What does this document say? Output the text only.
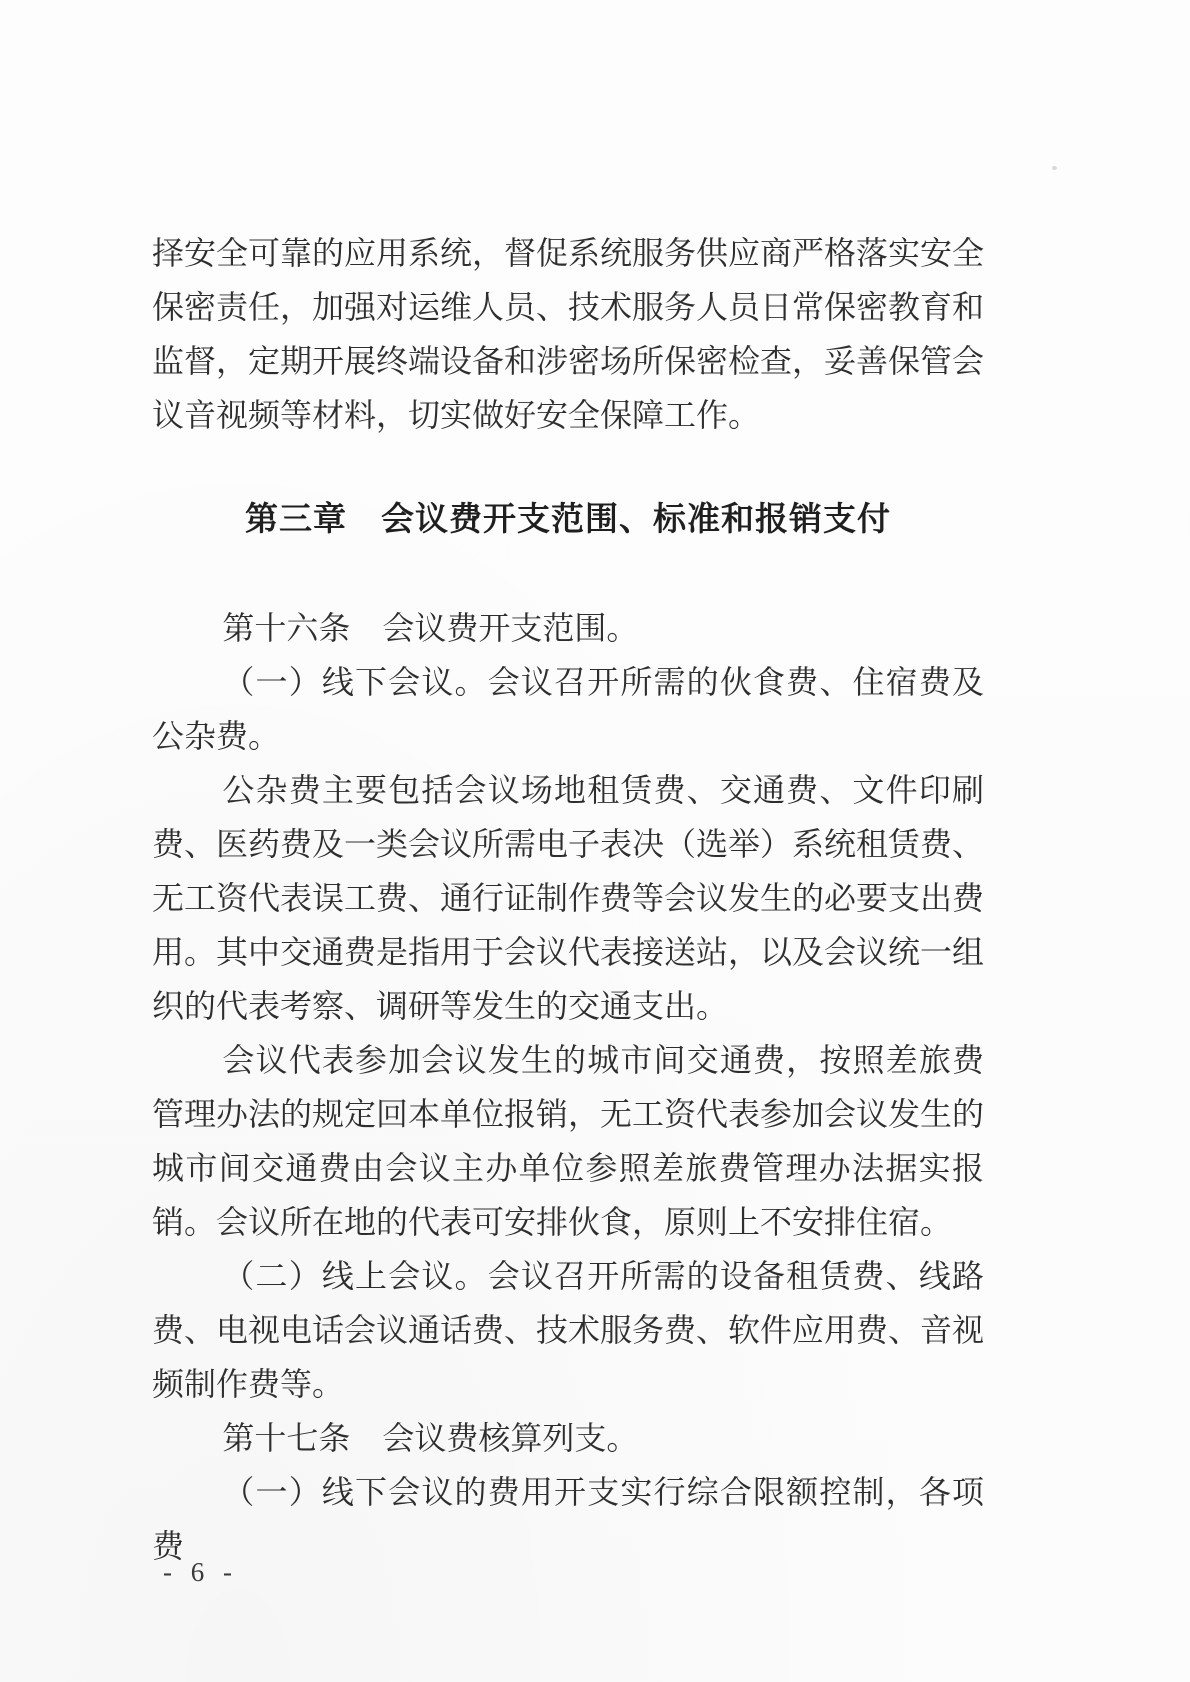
择安全可靠的应用系统，督促系统服务供应商严格落实安全保密责任，加强对运维人员、技术服务人员日常保密教育和监督，定期开展终端设备和涉密场所保密检查，妥善保管会议音视频等材料，切实做好安全保障工作。

第三章　会议费开支范围、标准和报销支付

第十六条　会议费开支范围。

（一）线下会议。会议召开所需的伙食费、住宿费及公杂费。

公杂费主要包括会议场地租赁费、交通费、文件印刷费、医药费及一类会议所需电子表决（选举）系统租赁费、无工资代表误工费、通行证制作费等会议发生的必要支出费用。其中交通费是指用于会议代表接送站，以及会议统一组织的代表考察、调研等发生的交通支出。

会议代表参加会议发生的城市间交通费，按照差旅费管理办法的规定回本单位报销，无工资代表参加会议发生的城市间交通费由会议主办单位参照差旅费管理办法据实报销。会议所在地的代表可安排伙食，原则上不安排住宿。

（二）线上会议。会议召开所需的设备租赁费、线路费、电视电话会议通话费、技术服务费、软件应用费、音视频制作费等。

第十七条　会议费核算列支。

（一）线下会议的费用开支实行综合限额控制，各项费

- 6 -
